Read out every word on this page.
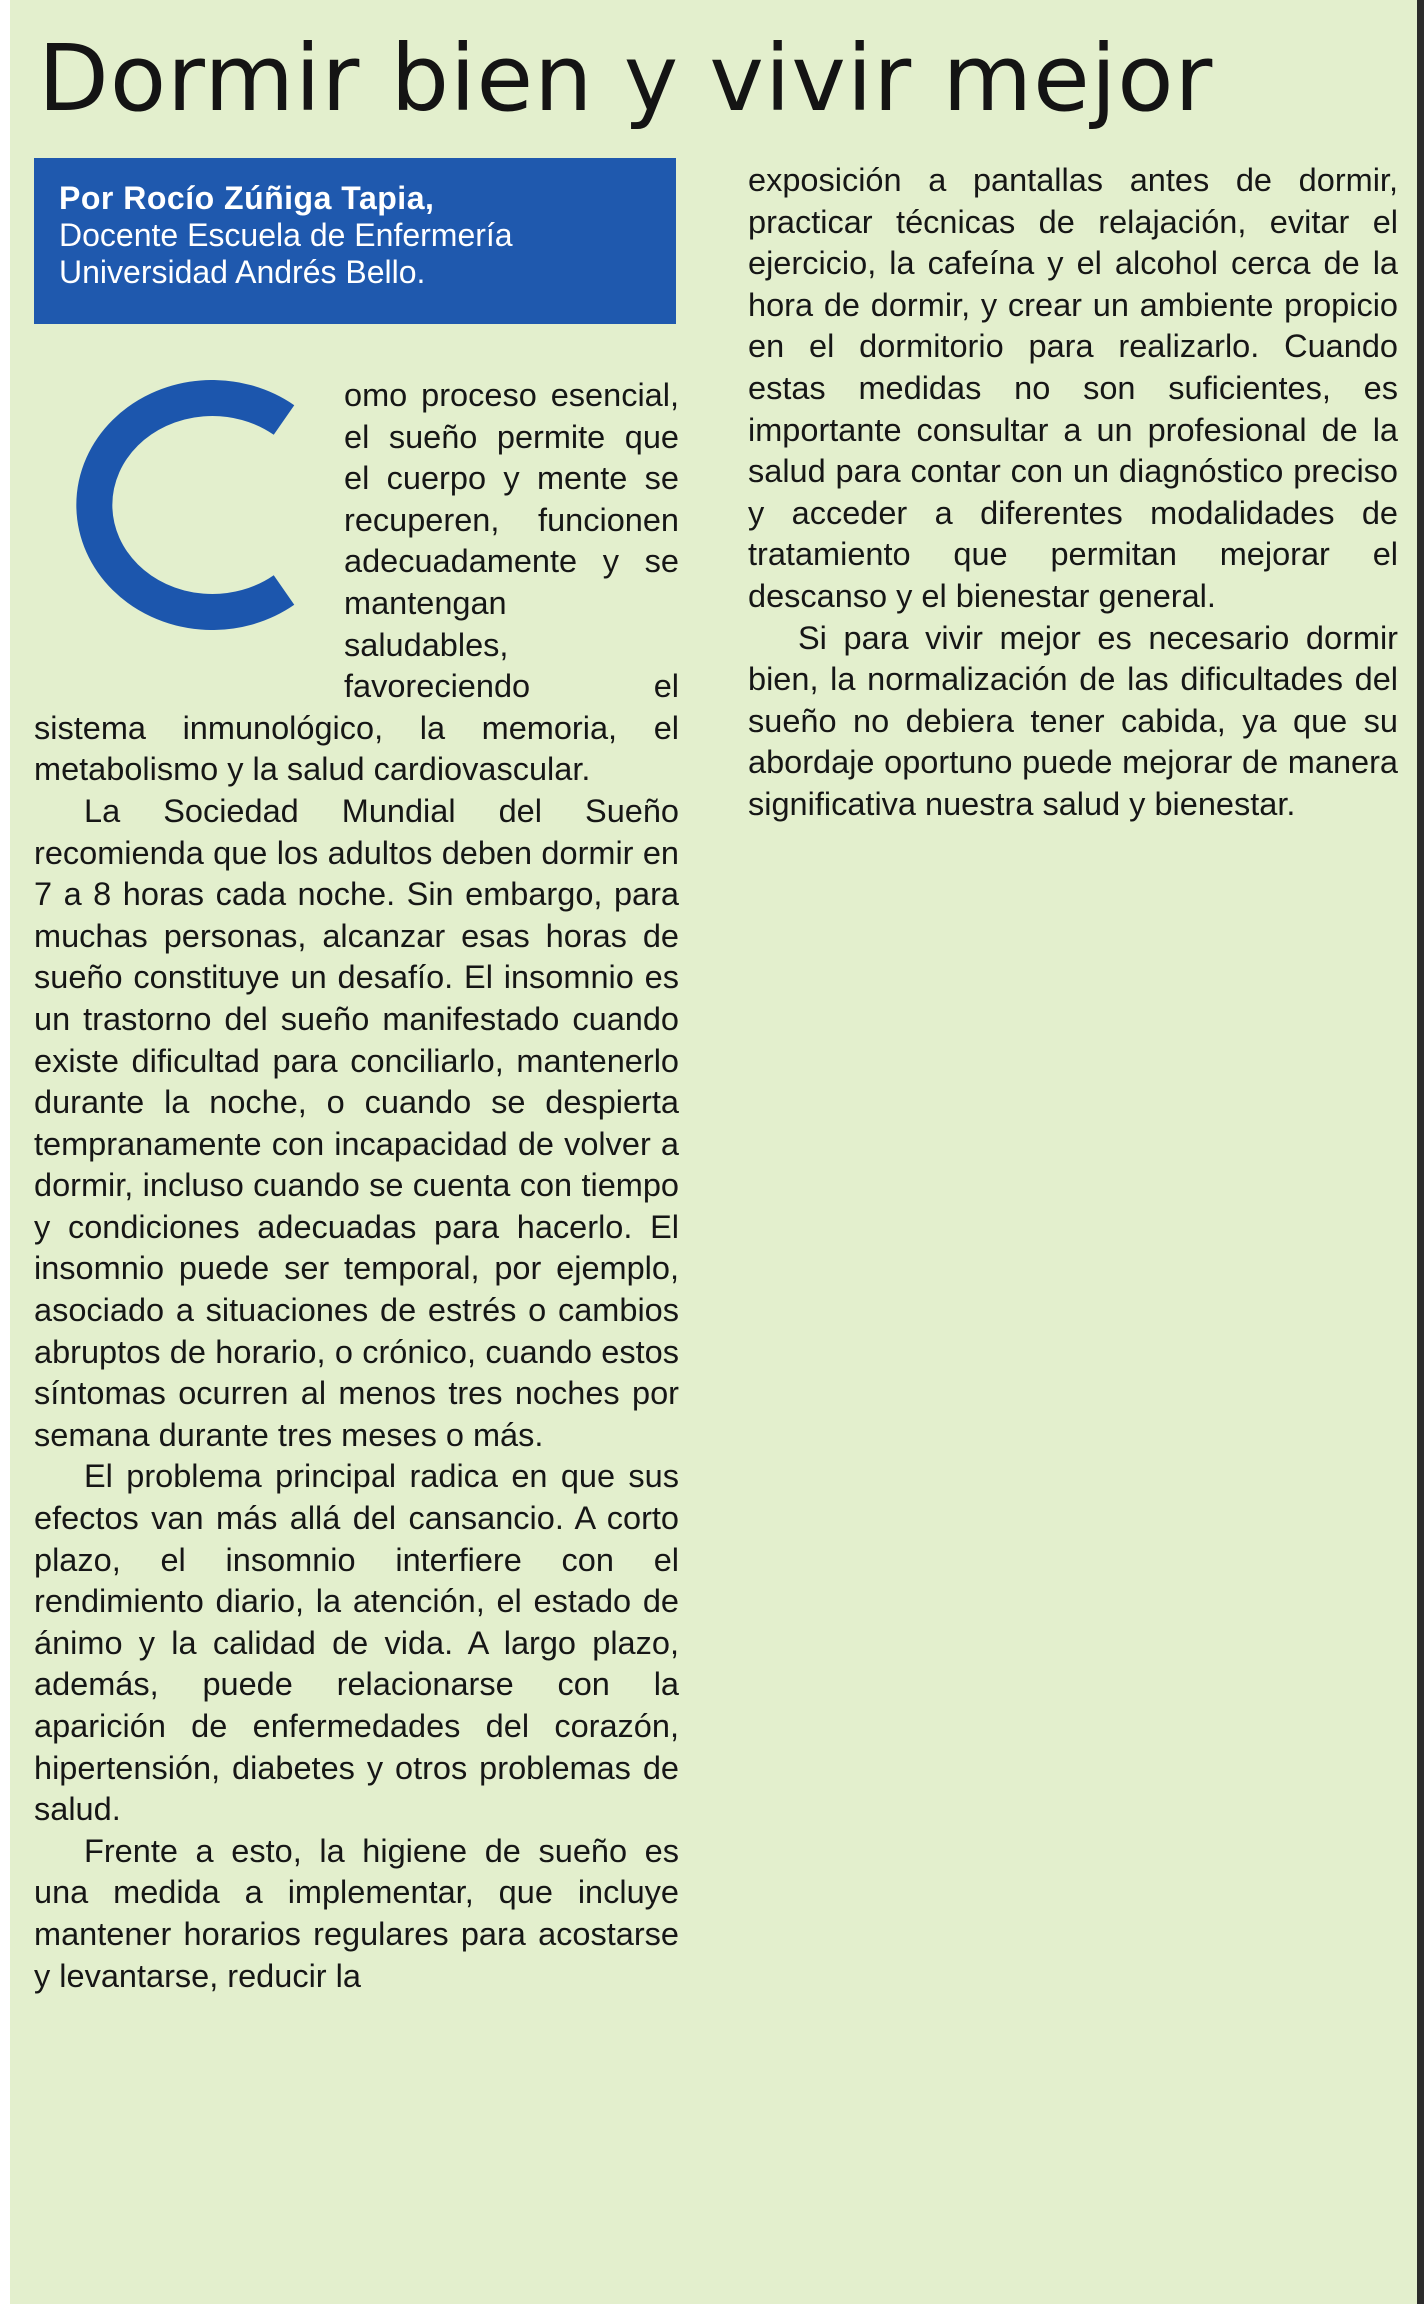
Dormir bien y vivir mejor
Por Rocío Zúñiga Tapia,
Docente Escuela de Enfermería
Universidad Andrés Bello.
C	omo proceso esencial, el sueño permite que el cuerpo y mente se recuperen, funcionen adecuadamente y se mantengan saludables, favoreciendo el sistema inmunológico, la memoria, el metabolismo y la salud cardiovascular.

La Sociedad Mundial del Sueño recomienda que los adultos deben dormir en 7 a 8 horas cada noche. Sin embargo, para muchas personas, alcanzar esas horas de sueño constituye un desafío. El insomnio es un trastorno del sueño manifestado cuando existe dificultad para conciliarlo, mantenerlo durante la noche, o cuando se despierta tempranamente con incapacidad de volver a dormir, incluso cuando se cuenta con tiempo y condiciones adecuadas para hacerlo. El insomnio puede ser temporal, por ejemplo, asociado a situaciones de estrés o cambios abruptos de horario, o crónico, cuando estos síntomas ocurren al menos tres noches por semana durante tres meses o más.

El problema principal radica en que sus efectos van más allá del cansancio. A corto plazo, el insomnio interfiere con el rendimiento diario, la atención, el estado de ánimo y la calidad de vida. A largo plazo, además, puede relacionarse con la aparición de enfermedades del corazón, hipertensión, diabetes y otros problemas de salud.

Frente a esto, la higiene de sueño es una medida a implementar, que incluye mantener horarios regulares para acostarse y levantarse, reducir la

exposición a pantallas antes de dormir, practicar técnicas de relajación, evitar el ejercicio, la cafeína y el alcohol cerca de la hora de dormir, y crear un ambiente propicio en el dormitorio para realizarlo. Cuando estas medidas no son suficientes, es importante consultar a un profesional de la salud para contar con un diagnóstico preciso y acceder a diferentes modalidades de tratamiento que permitan mejorar el descanso y el bienestar general.

Si para vivir mejor es necesario dormir bien, la normalización de las dificultades del sueño no debiera tener cabida, ya que su abordaje oportuno puede mejorar de manera significativa nuestra salud y bienestar.
